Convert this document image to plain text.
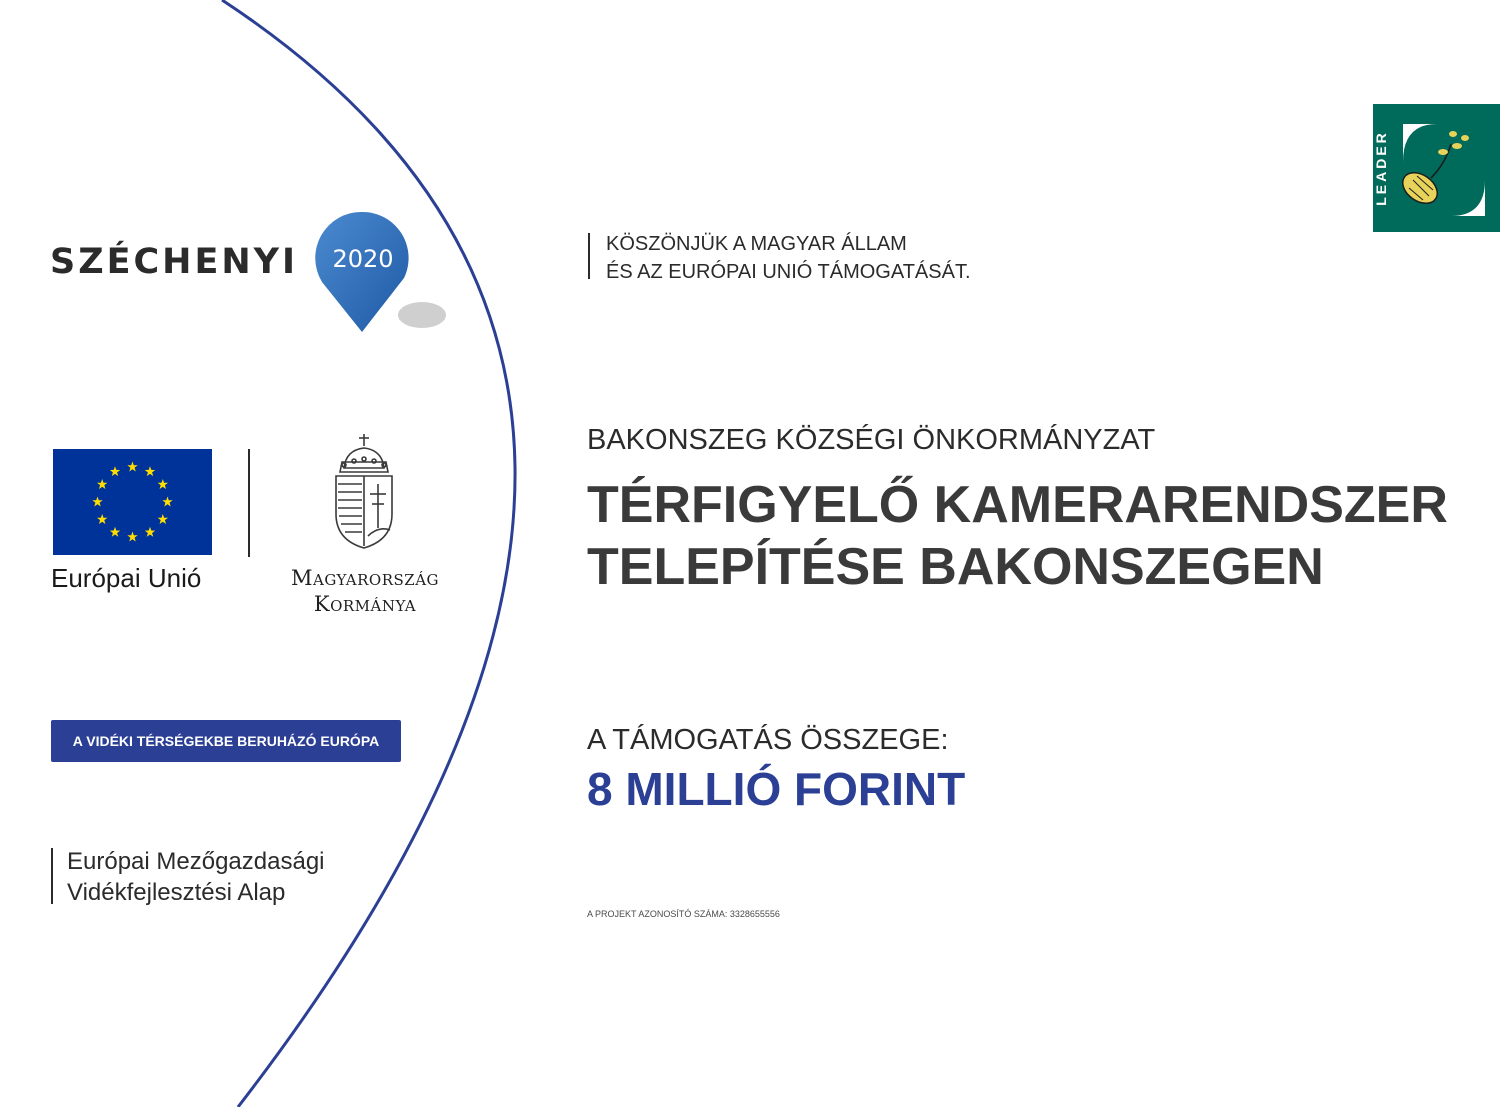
SZÉCHENYI	2020
Európai Unió	Magyarország
Kormánya
A VIDÉKI TÉRSÉGEKBE BERUHÁZÓ EURÓPA
Európai Mezőgazdasági
Vidékfejlesztési Alap
KÖSZÖNJÜK A MAGYAR ÁLLAM
ÉS AZ EURÓPAI UNIÓ TÁMOGATÁSÁT.
LEADER
BAKONSZEG KÖZSÉGI ÖNKORMÁNYZAT
TÉRFIGYELŐ KAMERARENDSZER
TELEPÍTÉSE BAKONSZEGEN
A TÁMOGATÁS ÖSSZEGE:
8 MILLIÓ FORINT
A PROJEKT AZONOSÍTÓ SZÁMA: 3328655556
